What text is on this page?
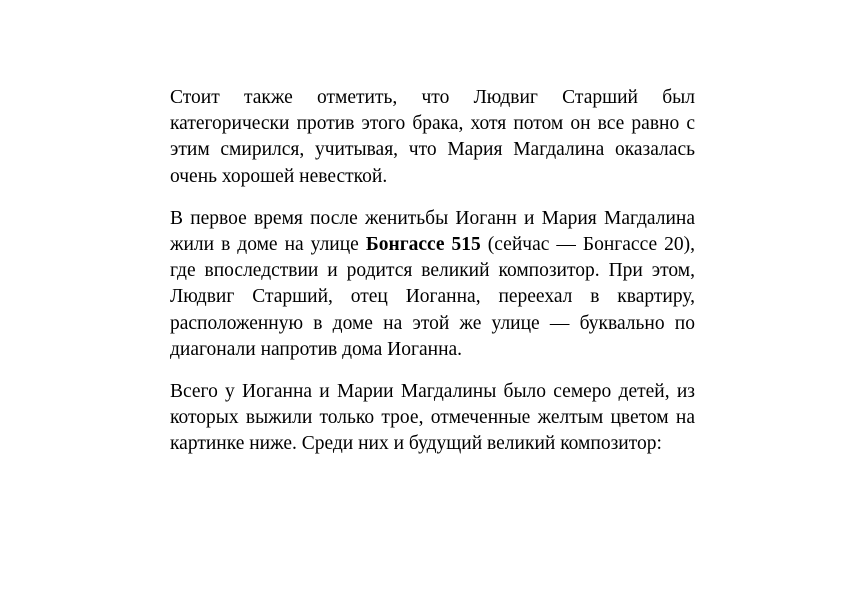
Стоит также отметить, что Людвиг Старший был категорически против этого брака, хотя потом он все равно с этим смирился, учитывая, что Мария Магдалина оказалась очень хорошей невесткой.

В первое время после женитьбы Иоганн и Мария Магдалина жили в доме на улице Бонгассе 515 (сейчас — Бонгассе 20), где впоследствии и родится великий композитор. При этом, Людвиг Старший, отец Иоганна, переехал в квартиру, расположенную в доме на этой же улице — буквально по диагонали напротив дома Иоганна.

Всего у Иоганна и Марии Магдалины было семеро детей, из которых выжили только трое, отмеченные желтым цветом на картинке ниже. Среди них и будущий великий композитор:
